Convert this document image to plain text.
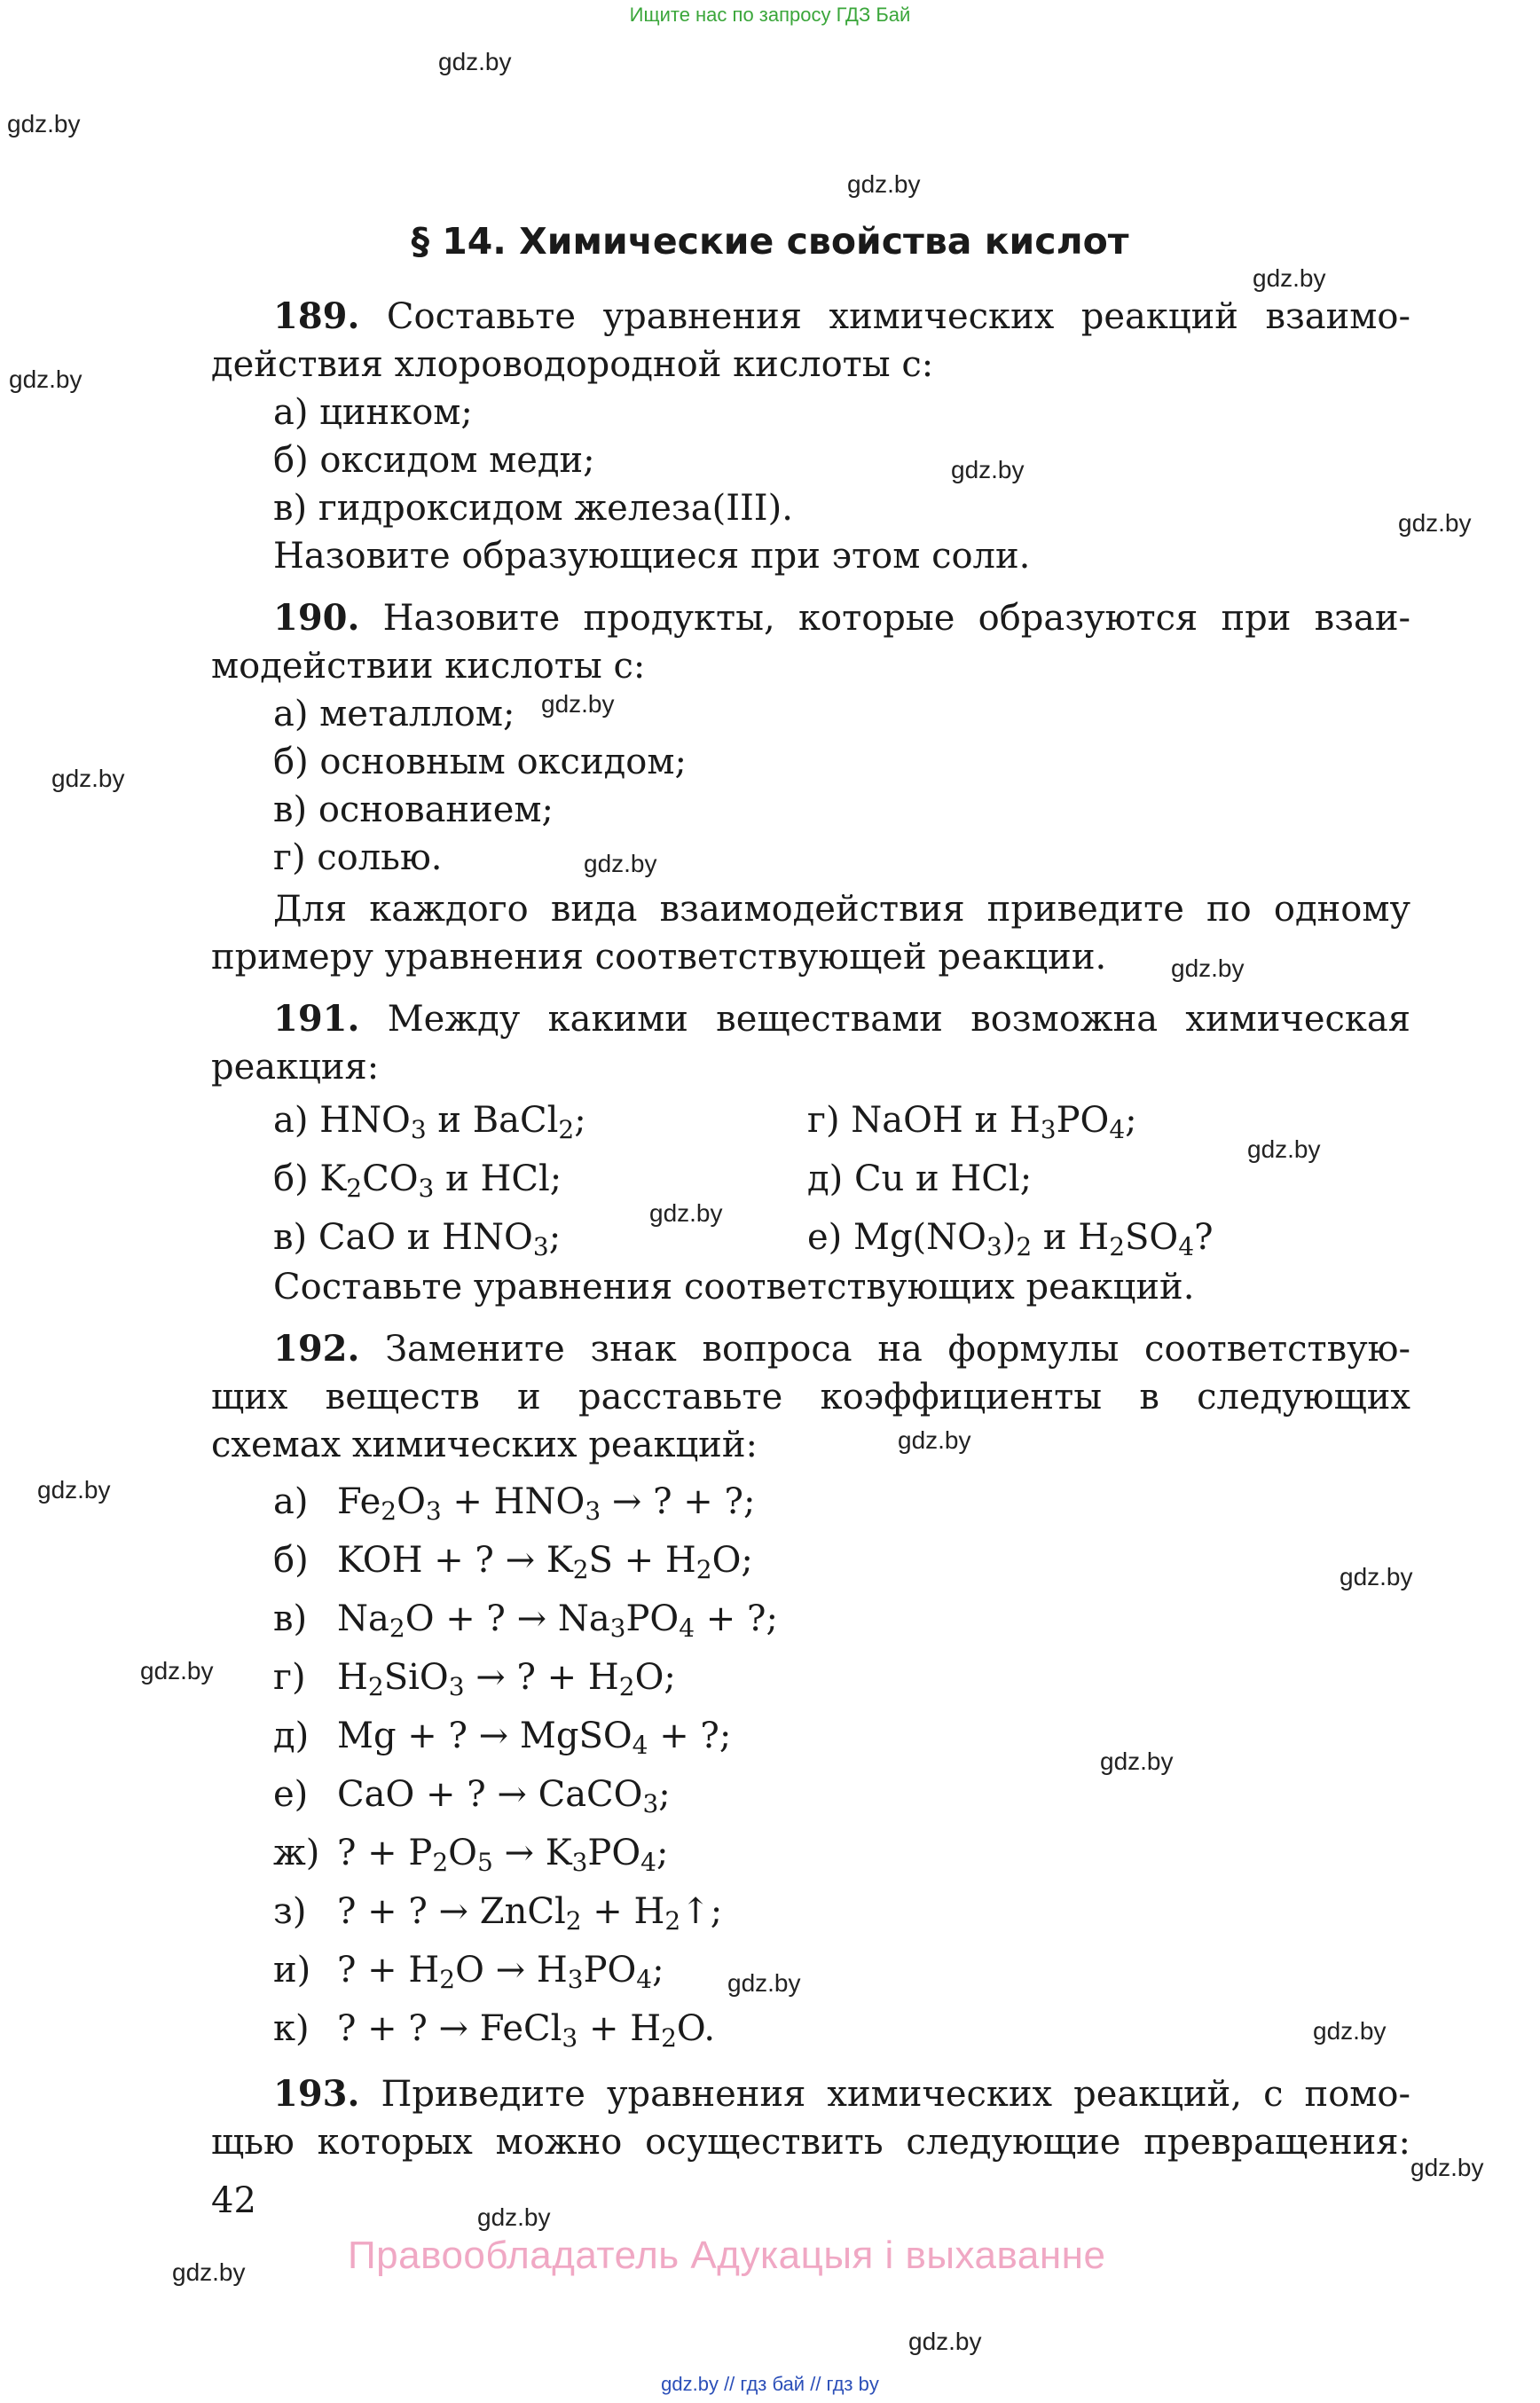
Ищите нас по запросу ГДЗ Бай
gdz.by
gdz.by
gdz.by
gdz.by
gdz.by
gdz.by
gdz.by
gdz.by
gdz.by
gdz.by
gdz.by
gdz.by
gdz.by
gdz.by
gdz.by
gdz.by
gdz.by
gdz.by
gdz.by
gdz.by
gdz.by
gdz.by
gdz.by
gdz.by
§ 14. Химические свойства кислот
189. Составьте уравнения химических реакций взаимо-
действия хлороводородной кислоты с:
а) цинком;
б) оксидом меди;
в) гидроксидом железа(III).
Назовите образующиеся при этом соли.
190. Назовите продукты, которые образуются при взаи-
модействии кислоты с:
а) металлом;
б) основным оксидом;
в) основанием;
г) солью.
Для каждого вида взаимодействия приведите по одному
примеру уравнения соответствующей реакции.
191. Между какими веществами возможна химическая
реакция:
а) $HNO_3$ и BaCl$_2$;
б) $K_2CO_3$ и HCl;
в) CaO и $HNO_3$;
г) NaOH и $H_3PO_4$;
д) Cu и HCl;
е) $Mg(NO_3)_2$ и $H_2SO_4$?
Составьте уравнения соответствующих реакций.
192. Замените знак вопроса на формулы соответствую-
щих веществ и расставьте коэффициенты в следующих
схемах химических реакций:
а) $Fe_2O_3 + HNO_3$ → ? + ?;
б) KOH + ? → $K_2S + H_2O$;
в) $Na_2O$ + ? → $Na_3PO_4$ + ?;
г) $H_2SiO_3$ → ? + $H_2O$;
д) Mg + ? → MgSO$_4$ + ?;
е) CaO + ? → CaCO$_3$;
ж) ? + $P_2O_5 \to K_3PO_4$;
з) ? + ? → ZnCl$_2$ + $H_2↑$;
и) ? + $H_2O \to H_3PO_4$;
к) ? + ? → FeCl$_3$ + $H_2O$.
193. Приведите уравнения химических реакций, с помо-
щью которых можно осуществить следующие превращения:
42
Правообладатель Адукацыя і выхаванне
gdz.by // гдз бай // гдз by
